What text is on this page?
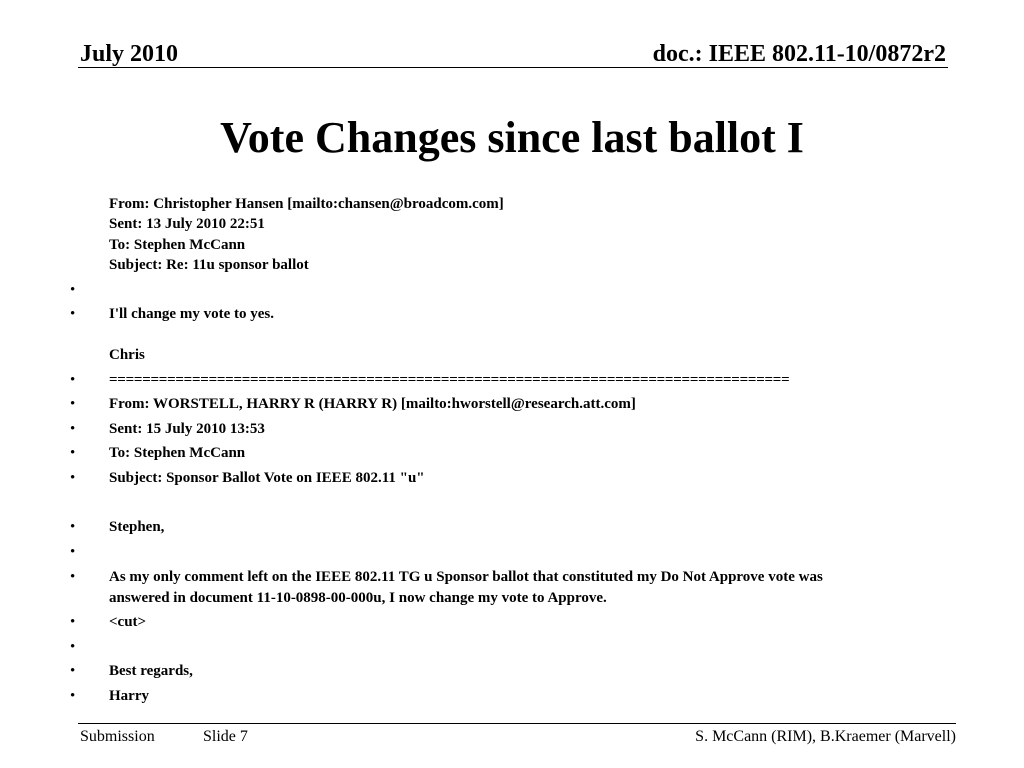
July 2010	doc.: IEEE 802.11-10/0872r2
Vote Changes since last ballot I
From: Christopher Hansen [mailto:chansen@broadcom.com]
Sent: 13 July 2010 22:51
To: Stephen McCann
Subject: Re: 11u sponsor ballot
•
• I'll change my vote to yes.
Chris
• ==================================================================================
• From: WORSTELL, HARRY R (HARRY R) [mailto:hworstell@research.att.com]
• Sent: 15 July 2010 13:53
• To: Stephen McCann
• Subject: Sponsor Ballot Vote on IEEE 802.11 "u"
• Stephen,
•
• As my only comment left on the IEEE 802.11 TG u Sponsor ballot that constituted my Do Not Approve vote was
answered in document 11-10-0898-00-000u, I now change my vote to Approve.
• <cut>
•
• Best regards,
• Harry
Submission	Slide 7	S. McCann (RIM), B.Kraemer (Marvell)
